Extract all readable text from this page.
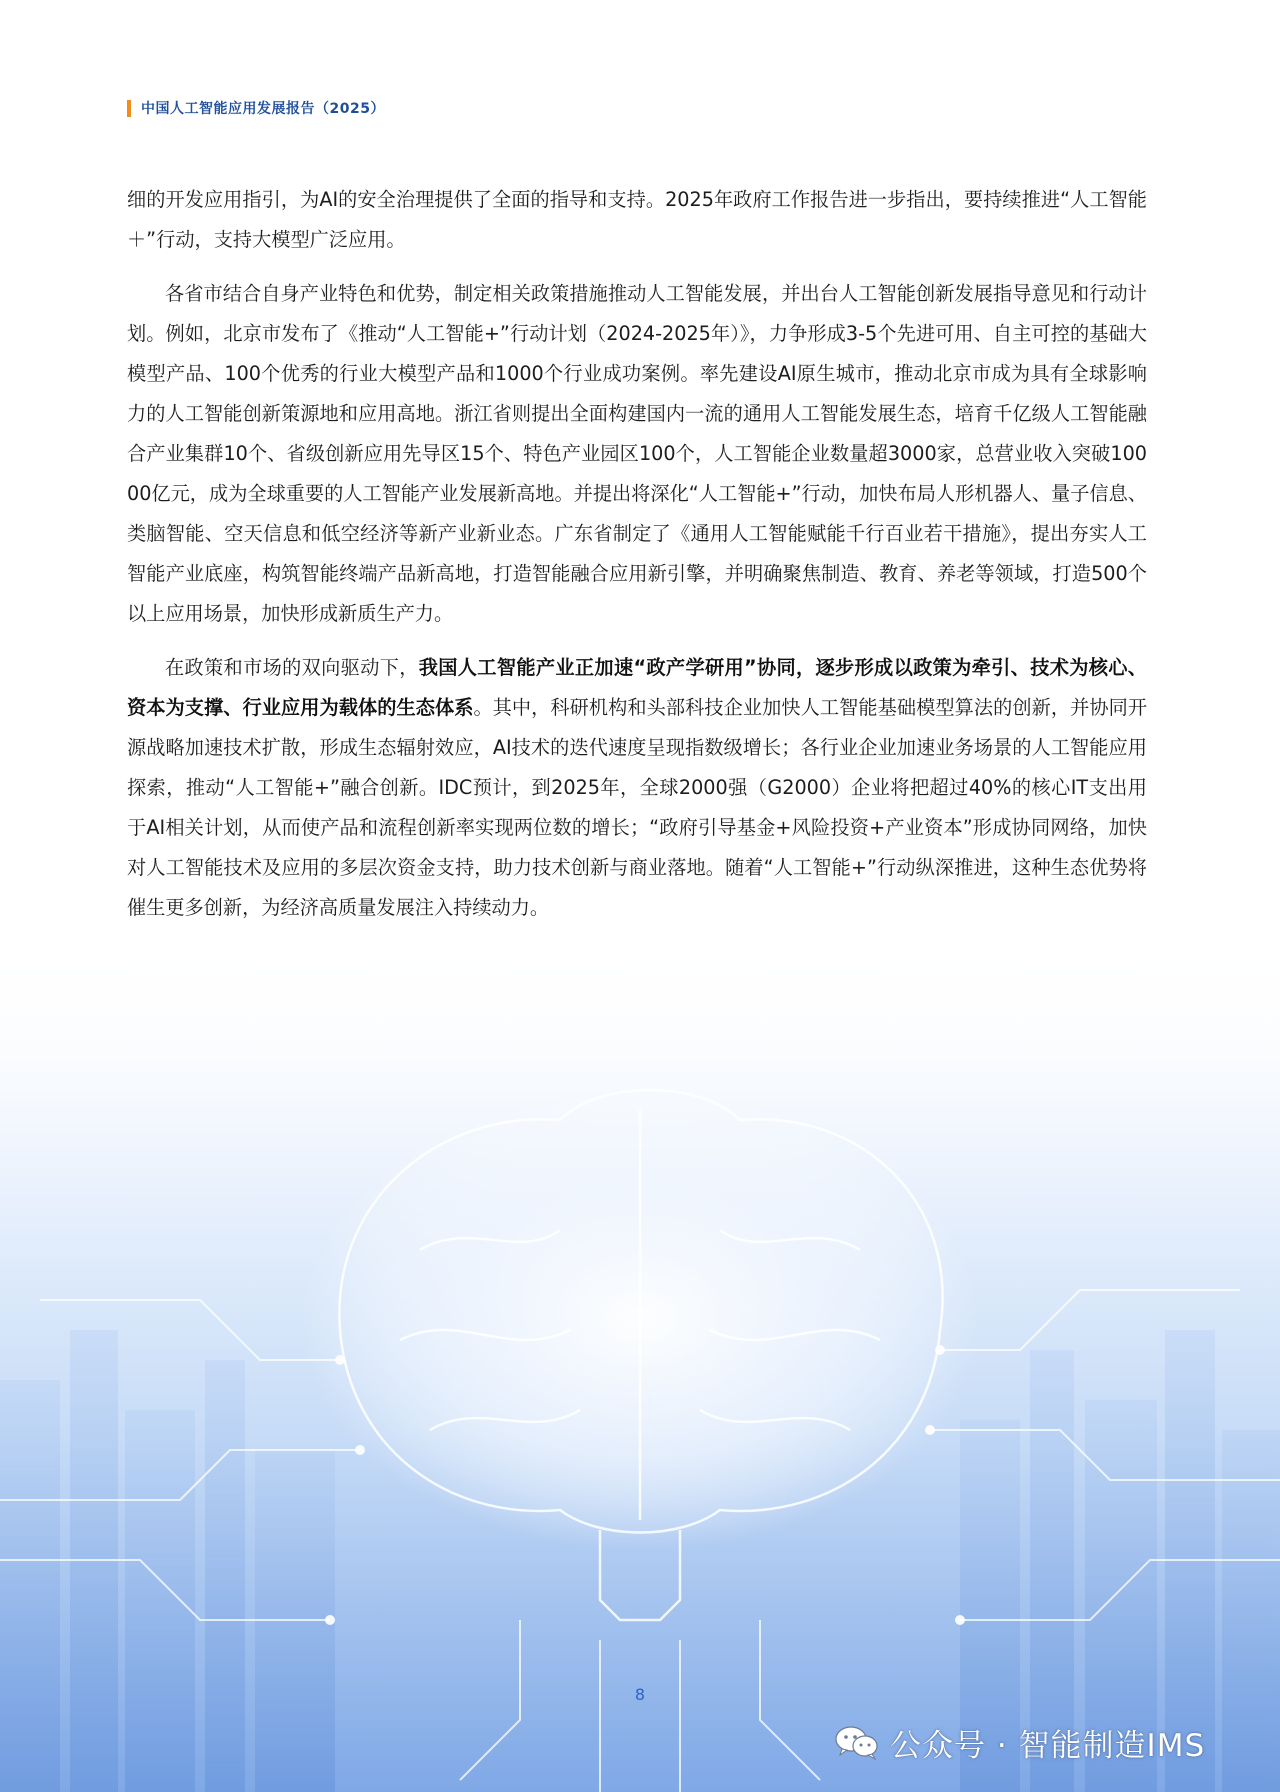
中国人工智能应用发展报告（2025）

细的开发应用指引，为AI的安全治理提供了全面的指导和支持。2025年政府工作报告进一步指出，要持续推进“人工智能＋”行动，支持大模型广泛应用。

各省市结合自身产业特色和优势，制定相关政策措施推动人工智能发展，并出台人工智能创新发展指导意见和行动计划。例如，北京市发布了《推动“人工智能+”行动计划（2024-2025年）》，力争形成3-5个先进可用、自主可控的基础大模型产品、100个优秀的行业大模型产品和1000个行业成功案例。率先建设AI原生城市，推动北京市成为具有全球影响力的人工智能创新策源地和应用高地。浙江省则提出全面构建国内一流的通用人工智能发展生态，培育千亿级人工智能融合产业集群10个、省级创新应用先导区15个、特色产业园区100个，人工智能企业数量超3000家，总营业收入突破10000亿元，成为全球重要的人工智能产业发展新高地。并提出将深化“人工智能+”行动，加快布局人形机器人、量子信息、类脑智能、空天信息和低空经济等新产业新业态。广东省制定了《通用人工智能赋能千行百业若干措施》，提出夯实人工智能产业底座，构筑智能终端产品新高地，打造智能融合应用新引擎，并明确聚焦制造、教育、养老等领域，打造500个以上应用场景，加快形成新质生产力。

在政策和市场的双向驱动下，我国人工智能产业正加速“政产学研用”协同，逐步形成以政策为牵引、技术为核心、资本为支撑、行业应用为载体的生态体系。其中，科研机构和头部科技企业加快人工智能基础模型算法的创新，并协同开源战略加速技术扩散，形成生态辐射效应，AI技术的迭代速度呈现指数级增长；各行业企业加速业务场景的人工智能应用探索，推动“人工智能+”融合创新。IDC预计，到2025年，全球2000强（G2000）企业将把超过40%的核心IT支出用于AI相关计划，从而使产品和流程创新率实现两位数的增长；“政府引导基金+风险投资+产业资本”形成协同网络，加快对人工智能技术及应用的多层次资金支持，助力技术创新与商业落地。随着“人工智能+”行动纵深推进，这种生态优势将催生更多创新，为经济高质量发展注入持续动力。

8
公众号 · 智能制造IMS
